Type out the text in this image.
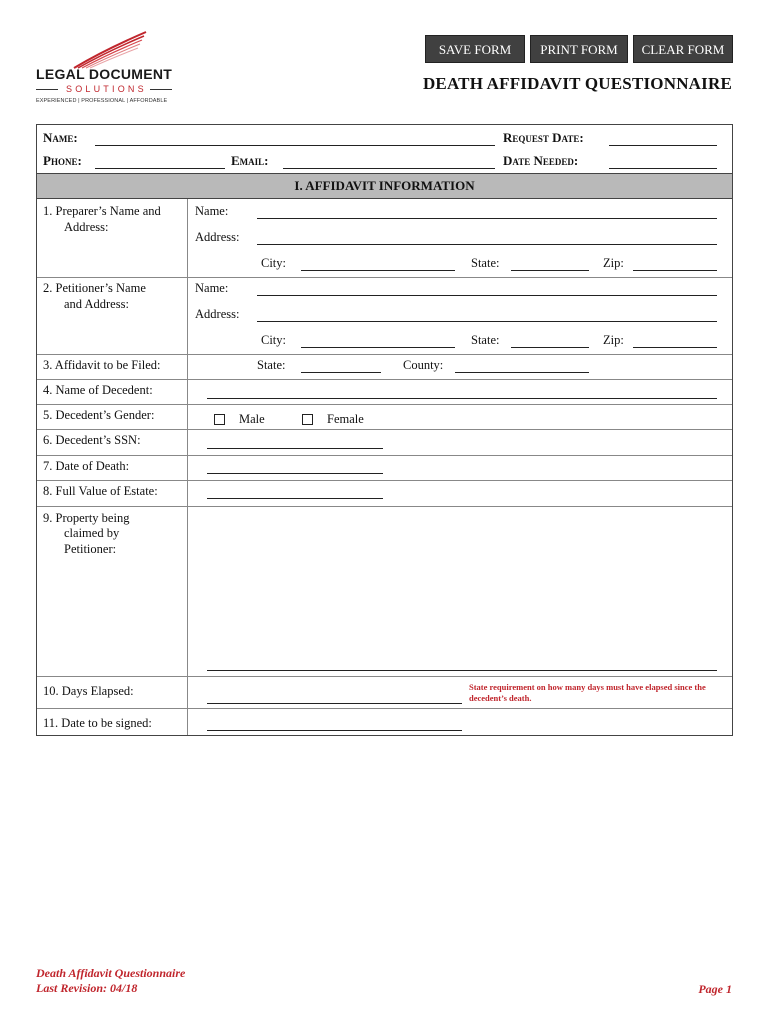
LEGAL DOCUMENT
SOLUTIONS
EXPERIENCED | PROFESSIONAL | AFFORDABLE
SAVE FORM	PRINT FORM	CLEAR FORM
DEATH AFFIDAVIT QUESTIONNAIRE
Name:	Request Date:
Phone:	Email:	Date Needed:
I. AFFIDAVIT INFORMATION
1. Preparer’s Name and
Address:
Name:
Address:
City:	State:	Zip:
2. Petitioner’s Name
and Address:
Name:
Address:
City:	State:	Zip:
3. Affidavit to be Filed:	State:	County:
4. Name of Decedent:
5. Decedent’s Gender:	Male	Female
6. Decedent’s SSN:
7. Date of Death:
8. Full Value of Estate:
9. Property being
claimed by
Petitioner:
10. Days Elapsed:	State requirement on how many days must have elapsed since the decedent’s death.
11. Date to be signed:
Death Affidavit Questionnaire
Last Revision: 04/18	Page 1
